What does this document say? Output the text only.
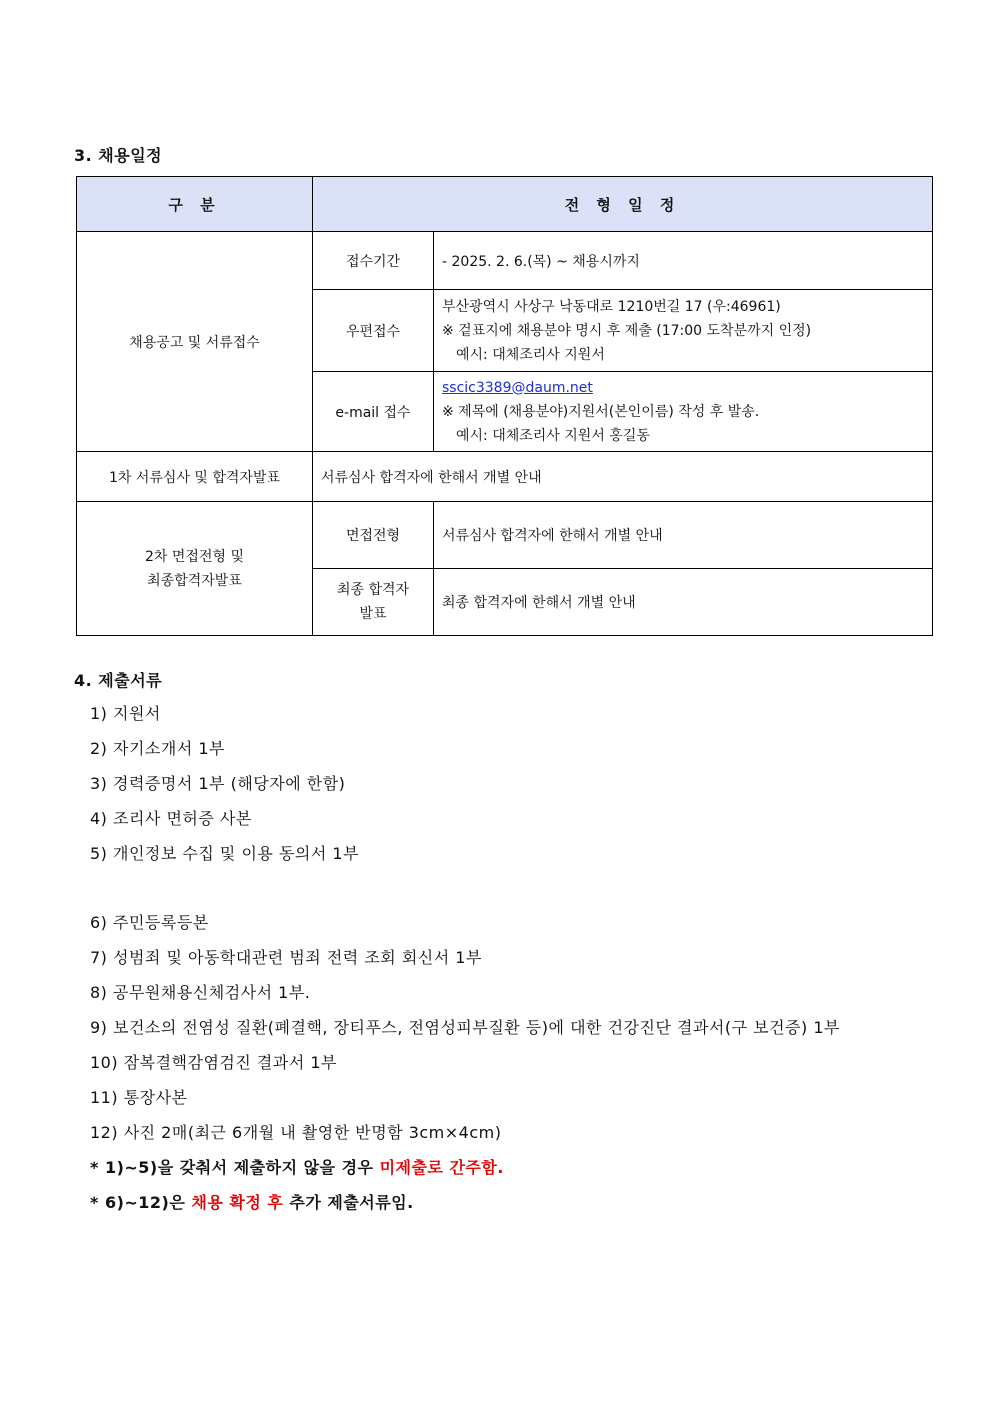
3. 채용일정
구 분	전 형 일 정	
채용공고 및 서류접수	접수기간	- 2025. 2. 6.(목) ~ 채용시까지
	우편접수	부산광역시 사상구 낙동대로 1210번길 17 (우:46961)
※ 겉표지에 채용분야 명시 후 제출 (17:00 도착분까지 인정)
예시: 대체조리사 지원서

	e-mail 접수	sscic3389@daum.net
※ 제목에 (채용분야)지원서(본인이름) 작성 후 발송.
예시: 대체조리사 지원서 홍길동

1차 서류심사 및 합격자발표	서류심사 합격자에 한해서 개별 안내	

2차 면접전형 및
최종합격자발표	면접전형	서류심사 합격자에 한해서 개별 안내

	최종 합격자
발표	최종 합격자에 한해서 개별 안내
4. 제출서류
1) 지원서
2) 자기소개서 1부
3) 경력증명서 1부 (해당자에 한함)
4) 조리사 면허증 사본
5) 개인정보 수집 및 이용 동의서 1부
6) 주민등록등본
7) 성범죄 및 아동학대관련 범죄 전력 조회 회신서 1부
8) 공무원채용신체검사서 1부.
9) 보건소의 전염성 질환(폐결핵, 장티푸스, 전염성피부질환 등)에 대한 건강진단 결과서(구 보건증) 1부
10) 잠복결핵감염검진 결과서 1부
11) 통장사본
12) 사진 2매(최근 6개월 내 촬영한 반명함 3cm×4cm)
* 1)~5)을 갖춰서 제출하지 않을 경우 미제출로 간주함.
* 6)~12)은 채용 확정 후 추가 제출서류임.
